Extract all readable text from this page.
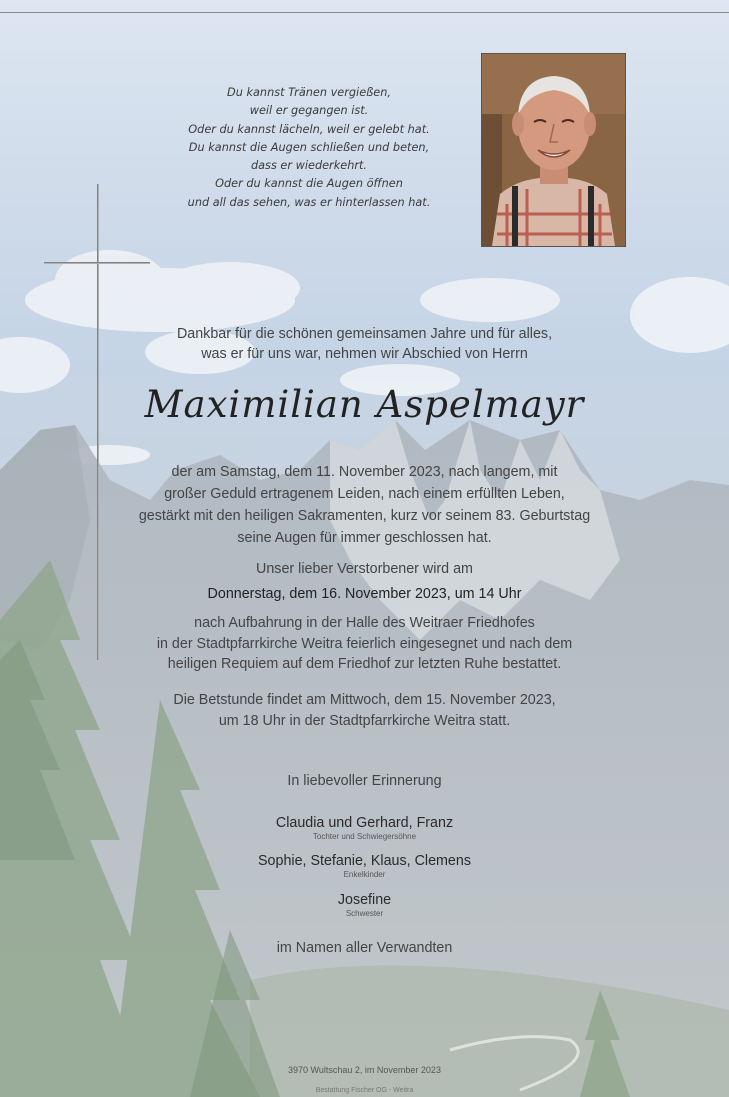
Du kannst Tränen vergießen,
weil er gegangen ist.
Oder du kannst lächeln, weil er gelebt hat.
Du kannst die Augen schließen und beten,
dass er wiederkehrt.
Oder du kannst die Augen öffnen
und all das sehen, was er hinterlassen hat.
Dankbar für die schönen gemeinsamen Jahre und für alles,
was er für uns war, nehmen wir Abschied von Herrn
Maximilian Aspelmayr
der am Samstag, dem 11. November 2023, nach langem, mit
großer Geduld ertragenem Leiden, nach einem erfüllten Leben,
gestärkt mit den heiligen Sakramenten, kurz vor seinem 83. Geburtstag
seine Augen für immer geschlossen hat.
Unser lieber Verstorbener wird am
Donnerstag, dem 16. November 2023, um 14 Uhr
nach Aufbahrung in der Halle des Weitraer Friedhofes
in der Stadtpfarrkirche Weitra feierlich eingesegnet und nach dem
heiligen Requiem auf dem Friedhof zur letzten Ruhe bestattet.
Die Betstunde findet am Mittwoch, dem 15. November 2023,
um 18 Uhr in der Stadtpfarrkirche Weitra statt.
In liebevoller Erinnerung
Claudia und Gerhard, Franz
Tochter und Schwiegersöhne
Sophie, Stefanie, Klaus, Clemens
Enkelkinder
Josefine
Schwester
im Namen aller Verwandten
3970 Wultschau 2, im November 2023
Bestattung Fischer OG - Weitra
